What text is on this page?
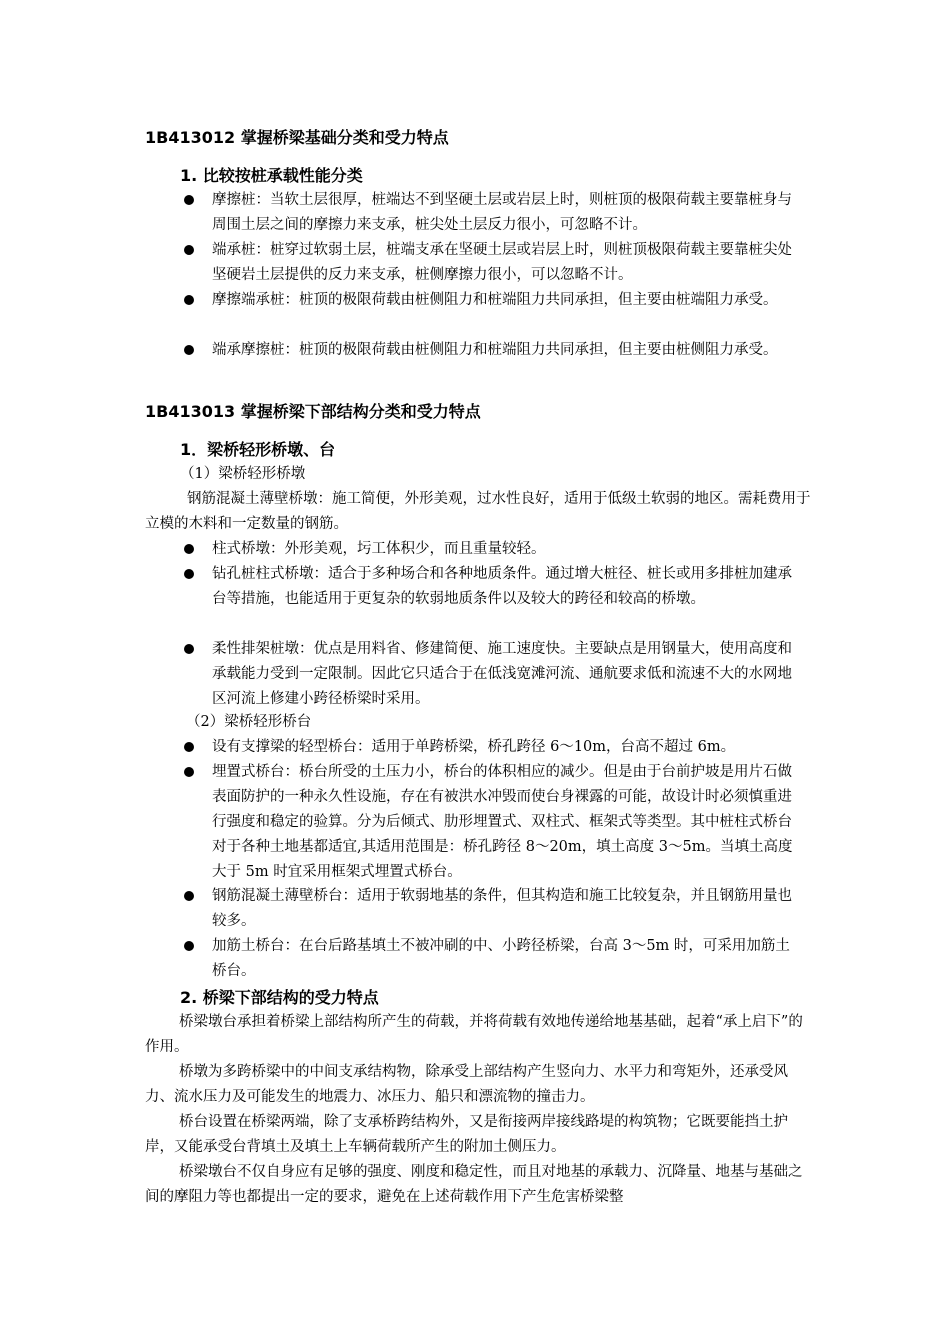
1B413012 掌握桥梁基础分类和受力特点
1. 比较按桩承载性能分类
摩擦桩：当软土层很厚，桩端达不到坚硬土层或岩层上时，则桩顶的极限荷载主要靠桩身与周围土层之间的摩擦力来支承，桩尖处土层反力很小，可忽略不计。
端承桩：桩穿过软弱土层，桩端支承在坚硬土层或岩层上时，则桩顶极限荷载主要靠桩尖处坚硬岩土层提供的反力来支承，桩侧摩擦力很小，可以忽略不计。
摩擦端承桩：桩顶的极限荷载由桩侧阻力和桩端阻力共同承担，但主要由桩端阻力承受。
端承摩擦桩：桩顶的极限荷载由桩侧阻力和桩端阻力共同承担，但主要由桩侧阻力承受。
1B413013 掌握桥梁下部结构分类和受力特点
1．梁桥轻形桥墩、台
（1）梁桥轻形桥墩
钢筋混凝土薄壁桥墩：施工简便，外形美观，过水性良好，适用于低级土软弱的地区。需耗费用于立模的木料和一定数量的钢筋。
柱式桥墩：外形美观，圬工体积少，而且重量较轻。
钻孔桩柱式桥墩：适合于多种场合和各种地质条件。通过增大桩径、桩长或用多排桩加建承台等措施，也能适用于更复杂的软弱地质条件以及较大的跨径和较高的桥墩。
柔性排架桩墩：优点是用料省、修建简便、施工速度快。主要缺点是用钢量大，使用高度和承载能力受到一定限制。因此它只适合于在低浅宽滩河流、通航要求低和流速不大的水网地区河流上修建小跨径桥梁时采用。
（2）梁桥轻形桥台
设有支撑梁的轻型桥台：适用于单跨桥梁，桥孔跨径 6～10m，台高不超过 6m。
埋置式桥台：桥台所受的土压力小，桥台的体积相应的减少。但是由于台前护坡是用片石做表面防护的一种永久性设施，存在有被洪水冲毁而使台身裸露的可能，故设计时必须慎重进行强度和稳定的验算。分为后倾式、肋形埋置式、双柱式、框架式等类型。其中桩柱式桥台对于各种土地基都适宜,其适用范围是：桥孔跨径 8～20m，填土高度 3～5m。当填土高度大于 5m 时宜采用框架式埋置式桥台。
钢筋混凝土薄壁桥台：适用于软弱地基的条件，但其构造和施工比较复杂，并且钢筋用量也较多。
加筋土桥台：在台后路基填土不被冲刷的中、小跨径桥梁，台高 3～5m 时，可采用加筋土桥台。
2. 桥梁下部结构的受力特点
桥梁墩台承担着桥梁上部结构所产生的荷载，并将荷载有效地传递给地基基础，起着“承上启下”的作用。
桥墩为多跨桥梁中的中间支承结构物，除承受上部结构产生竖向力、水平力和弯矩外，还承受风力、流水压力及可能发生的地震力、冰压力、船只和漂流物的撞击力。
桥台设置在桥梁两端，除了支承桥跨结构外，又是衔接两岸接线路堤的构筑物；它既要能挡土护岸，又能承受台背填土及填土上车辆荷载所产生的附加土侧压力。
桥梁墩台不仅自身应有足够的强度、刚度和稳定性，而且对地基的承载力、沉降量、地基与基础之间的摩阻力等也都提出一定的要求，避免在上述荷载作用下产生危害桥梁整
